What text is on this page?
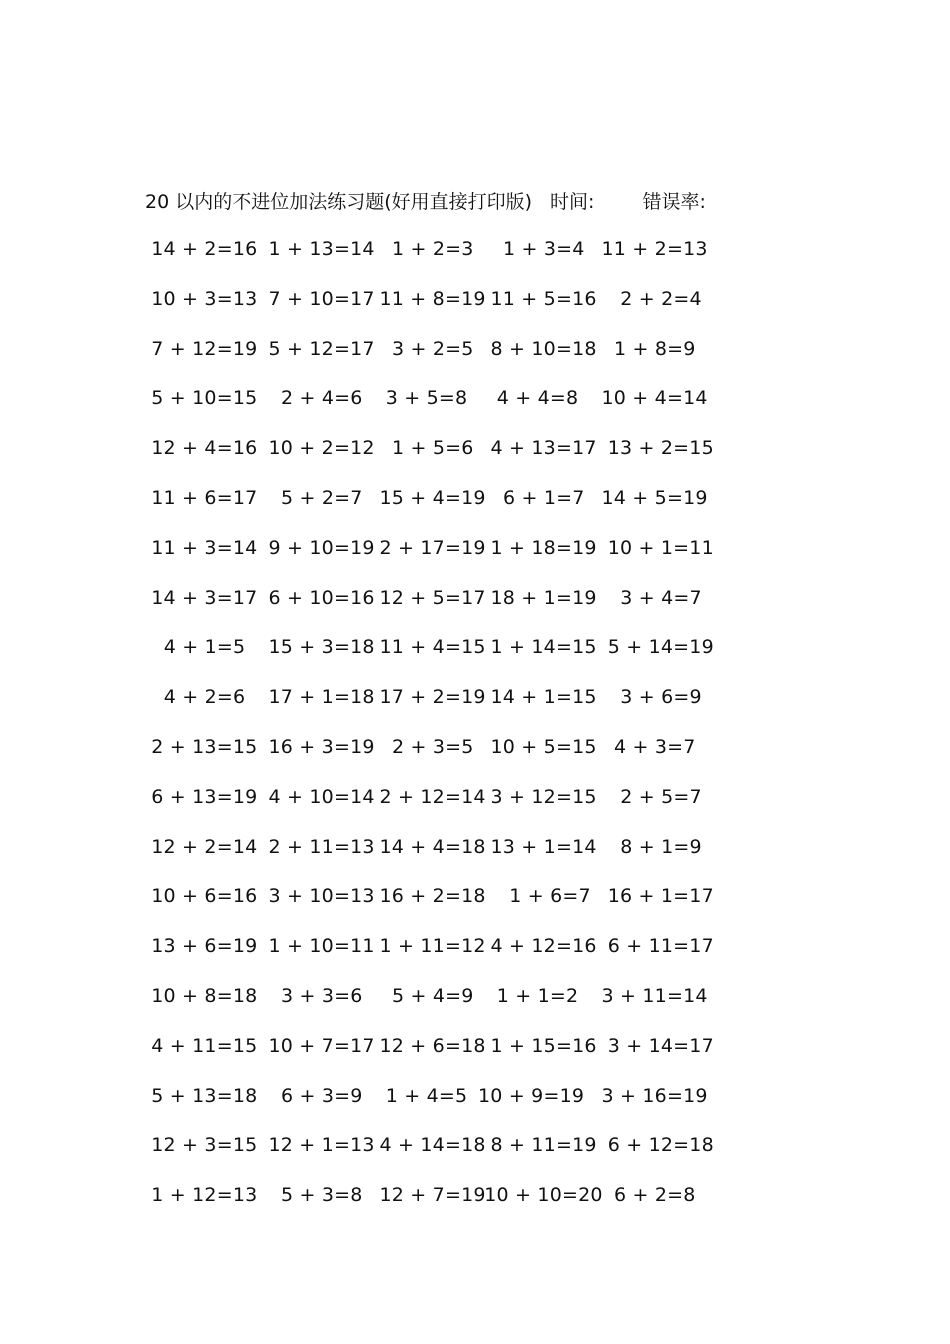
20 以内的不进位加法练习题(好用直接打印版) 时间:	错误率:
14 + 2=16
1 + 13=14
1 + 2=3 1 + 3=4 11 + 2=13
10 + 3=13
7 + 10=17
11 + 8=19
11 + 5=16
2 + 2=4
7 + 12=19
5 + 12=17
3 + 2=5 8 + 10=18
1 + 8=9
5 + 10=15
2 + 4=6 3 + 5=8 4 + 4=8 10 + 4=14
12 + 4=16
10 + 2=12
1 + 5=6 4 + 13=17
13 + 2=15
11 + 6=17
5 + 2=7 15 + 4=19
6 + 1=7 14 + 5=19
11 + 3=14
9 + 10=19
2 + 17=19
1 + 18=19
10 + 1=11
14 + 3=17
6 + 10=16
12 + 5=17
18 + 1=19
3 + 4=7
4 + 1=5 15 + 3=18
11 + 4=15
1 + 14=15
5 + 14=19
4 + 2=6 17 + 1=18
17 + 2=19
14 + 1=15
3 + 6=9
2 + 13=15
16 + 3=19
2 + 3=5 10 + 5=15
4 + 3=7
6 + 13=19
4 + 10=14
2 + 12=14
3 + 12=15
2 + 5=7
12 + 2=14
2 + 11=13
14 + 4=18
13 + 1=14
8 + 1=9
10 + 6=16
3 + 10=13
16 + 2=18
1 + 6=7
16 + 1=17
13 + 6=19
1 + 10=11
1 + 11=12
4 + 12=16
6 + 11=17
10 + 8=18
3 + 3=6 5 + 4=9 1 + 1=2 3 + 11=14
4 + 11=15
10 + 7=17
12 + 6=18
1 + 15=16
3 + 14=17
5 + 13=18
6 + 3=9 1 + 4=5 10 + 9=19 3 + 16=19
12 + 3=15
12 + 1=13
4 + 14=18
8 + 11=19
6 + 12=18
1 + 12=13
5 + 3=8 12 + 7=19
10 + 10=20
6 + 2=8
